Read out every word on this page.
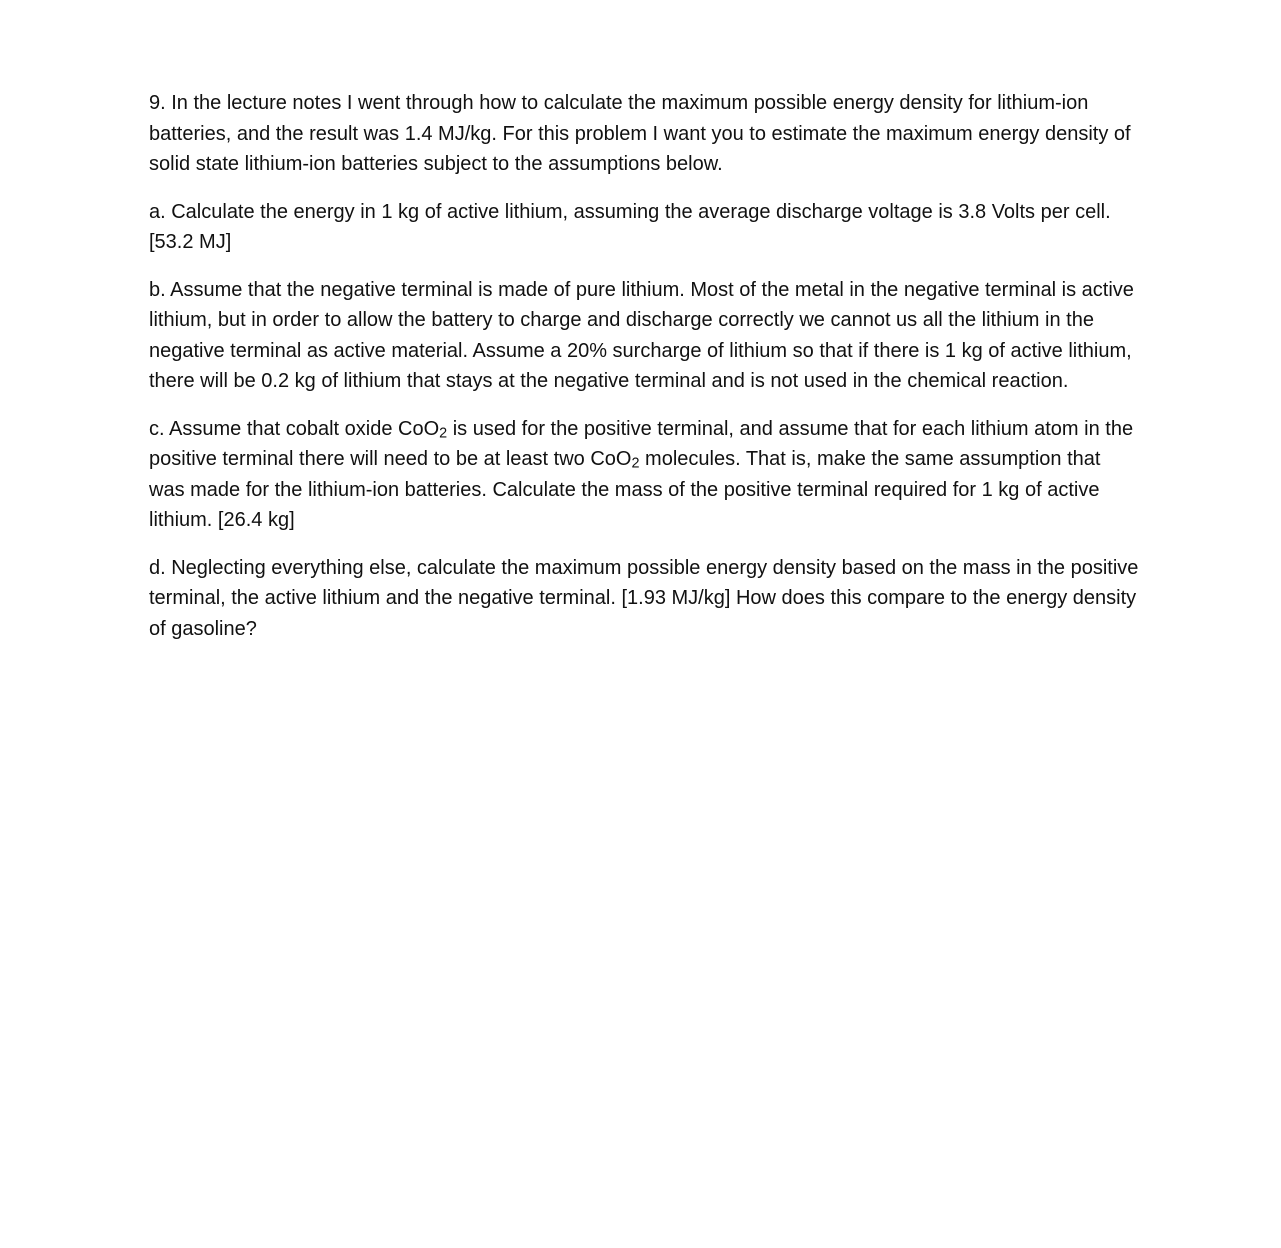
9. In the lecture notes I went through how to calculate the maximum possible energy density for lithium-ion batteries, and the result was 1.4 MJ/kg. For this problem I want you to estimate the maximum energy density of solid state lithium-ion batteries subject to the assumptions below.

a. Calculate the energy in 1 kg of active lithium, assuming the average discharge voltage is 3.8 Volts per cell. [53.2 MJ]

b. Assume that the negative terminal is made of pure lithium. Most of the metal in the negative terminal is active lithium, but in order to allow the battery to charge and discharge correctly we cannot us all the lithium in the negative terminal as active material. Assume a 20% surcharge of lithium so that if there is 1 kg of active lithium, there will be 0.2 kg of lithium that stays at the negative terminal and is not used in the chemical reaction.

c. Assume that cobalt oxide CoO2 is used for the positive terminal, and assume that for each lithium atom in the positive terminal there will need to be at least two CoO2 molecules. That is, make the same assumption that was made for the lithium-ion batteries. Calculate the mass of the positive terminal required for 1 kg of active lithium. [26.4 kg]

d. Neglecting everything else, calculate the maximum possible energy density based on the mass in the positive terminal, the active lithium and the negative terminal. [1.93 MJ/kg] How does this compare to the energy density of gasoline?
